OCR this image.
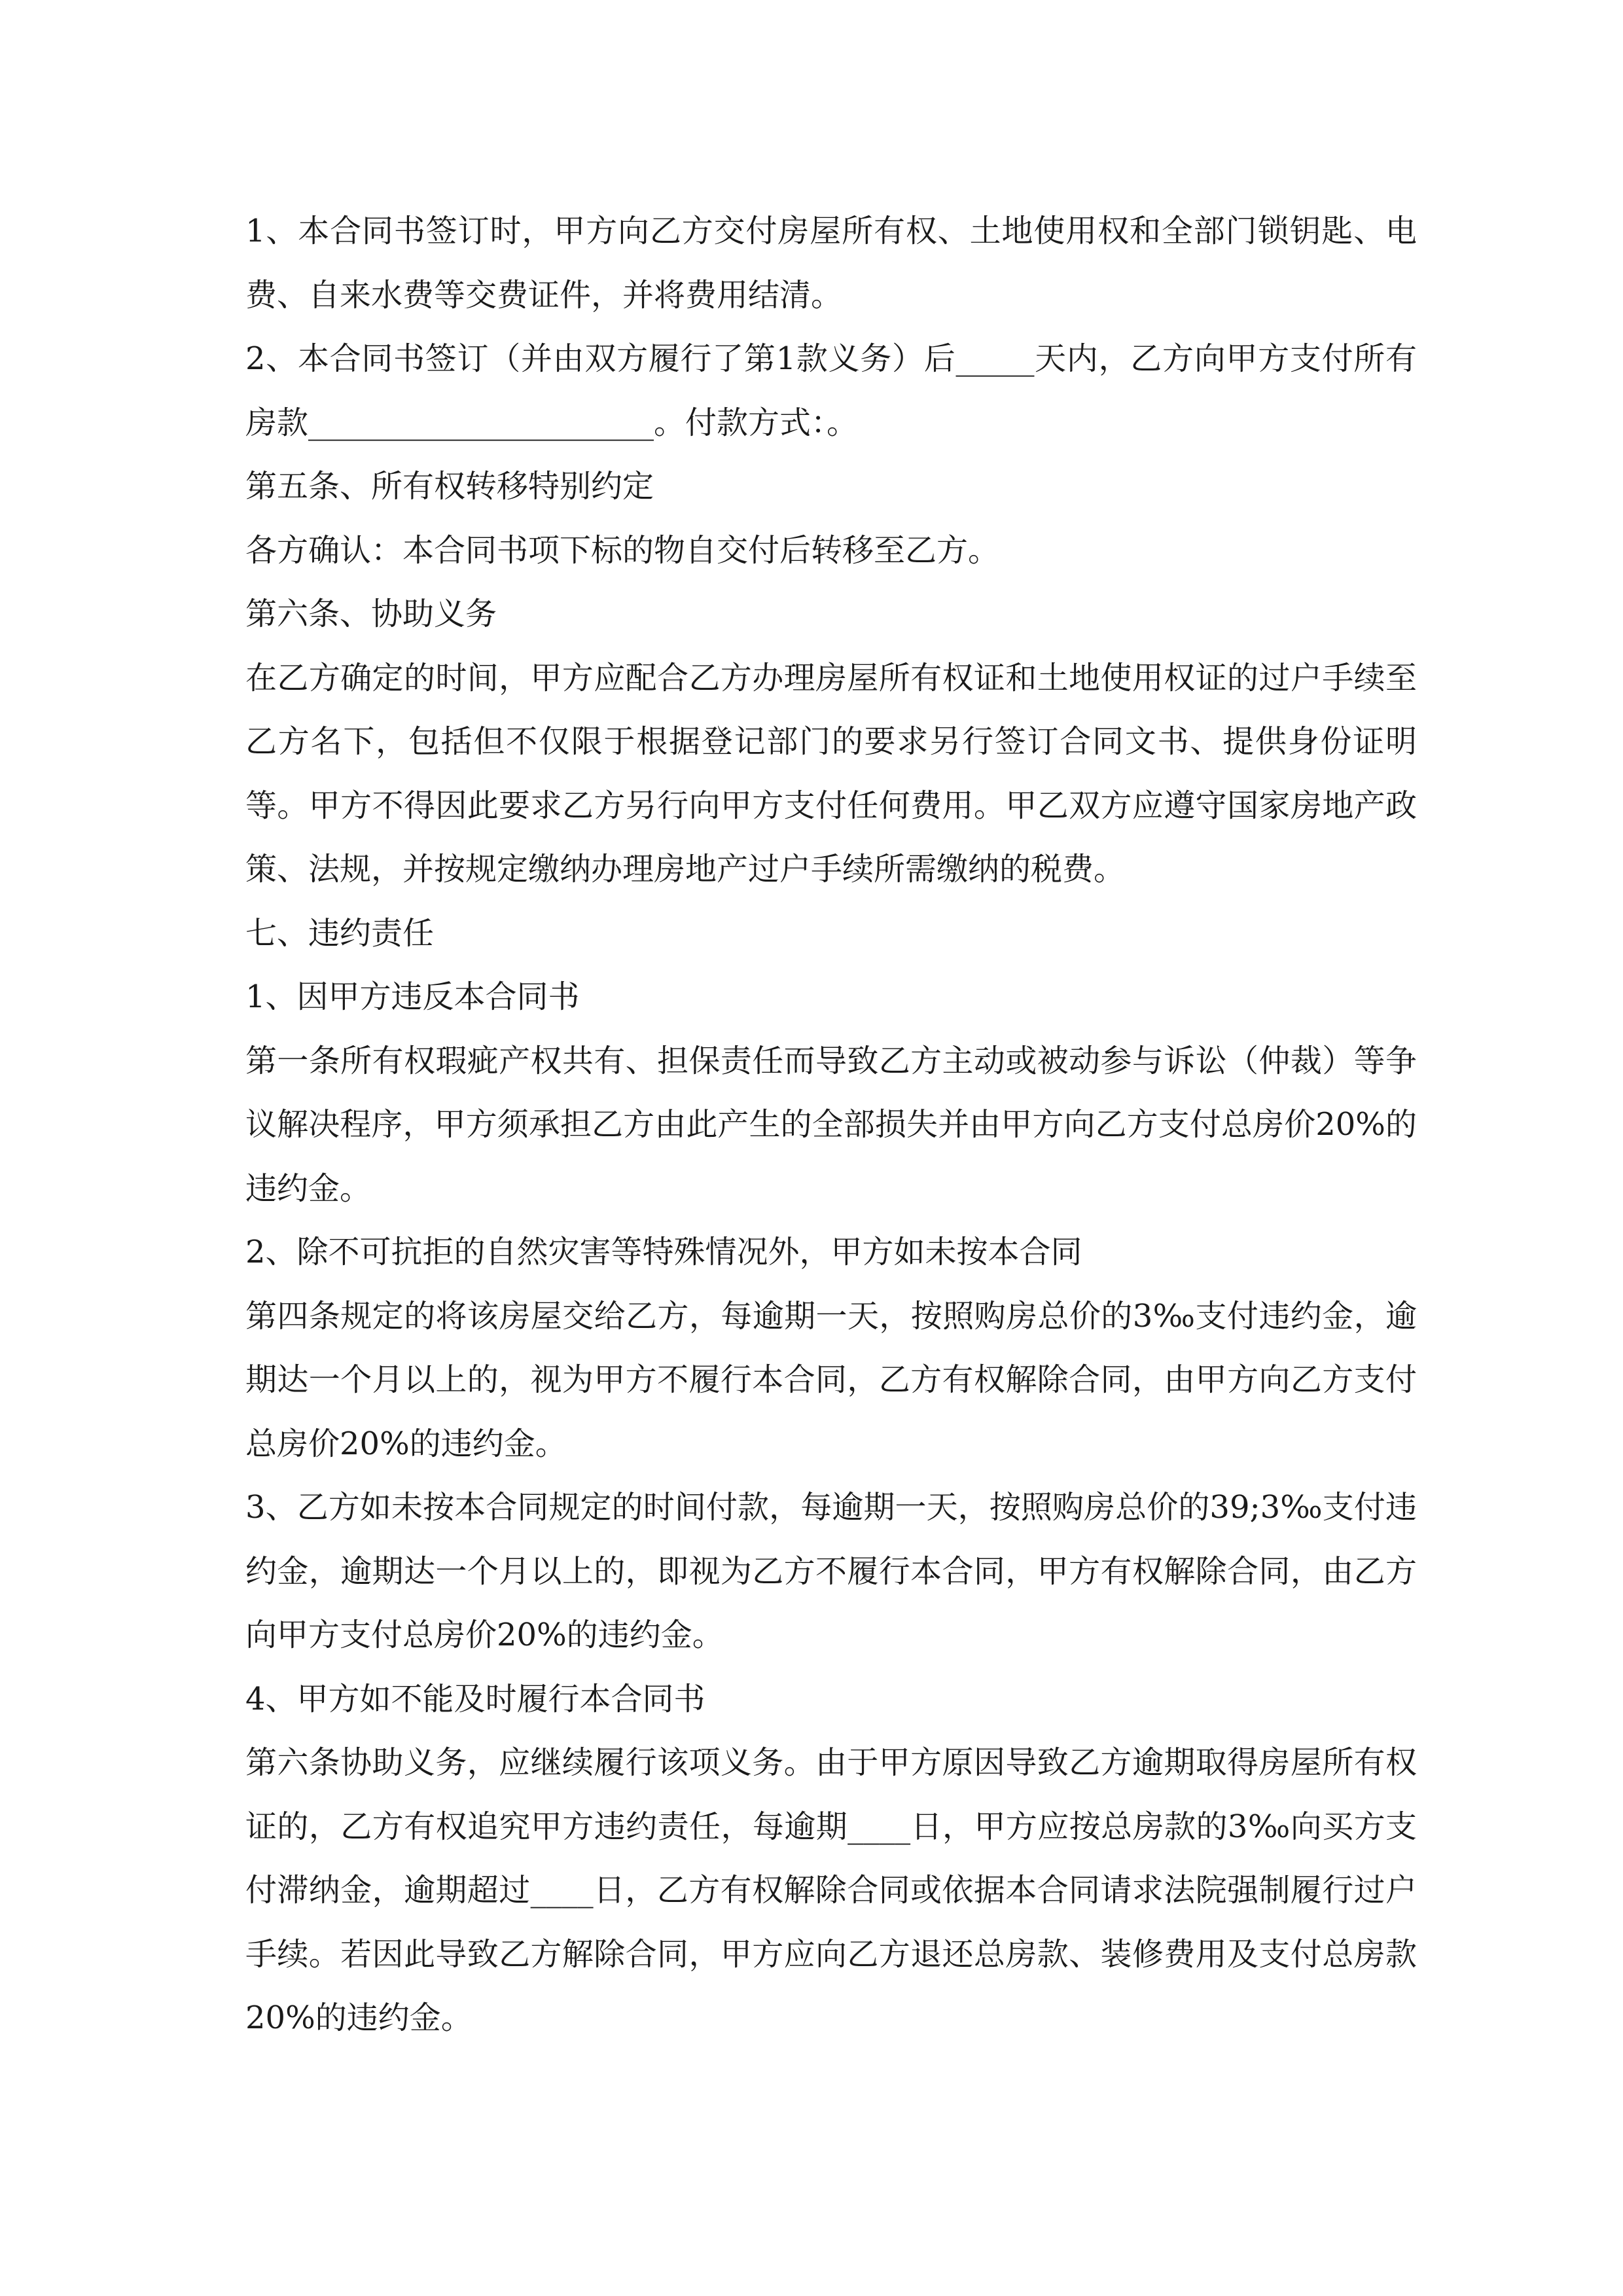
1、本合同书签订时，甲方向乙方交付房屋所有权、土地使用权和全部门锁钥匙、电费、自来水费等交费证件，并将费用结清。

2、本合同书签订（并由双方履行了第1款义务）后_____天内，乙方向甲方支付所有房款______________________。付款方式：。

第五条、所有权转移特别约定

各方确认：本合同书项下标的物自交付后转移至乙方。

第六条、协助义务

在乙方确定的时间，甲方应配合乙方办理房屋所有权证和土地使用权证的过户手续至乙方名下，包括但不仅限于根据登记部门的要求另行签订合同文书、提供身份证明等。甲方不得因此要求乙方另行向甲方支付任何费用。甲乙双方应遵守国家房地产政策、法规，并按规定缴纳办理房地产过户手续所需缴纳的税费。

七、违约责任

1、因甲方违反本合同书

第一条所有权瑕疵产权共有、担保责任而导致乙方主动或被动参与诉讼（仲裁）等争议解决程序，甲方须承担乙方由此产生的全部损失并由甲方向乙方支付总房价20%的违约金。

2、除不可抗拒的自然灾害等特殊情况外，甲方如未按本合同

第四条规定的将该房屋交给乙方，每逾期一天，按照购房总价的3‰支付违约金，逾期达一个月以上的，视为甲方不履行本合同，乙方有权解除合同，由甲方向乙方支付总房价20%的违约金。

3、乙方如未按本合同规定的时间付款，每逾期一天，按照购房总价的39;3‰支付违约金，逾期达一个月以上的，即视为乙方不履行本合同，甲方有权解除合同，由乙方向甲方支付总房价20%的违约金。

4、甲方如不能及时履行本合同书

第六条协助义务，应继续履行该项义务。由于甲方原因导致乙方逾期取得房屋所有权证的，乙方有权追究甲方违约责任，每逾期____日，甲方应按总房款的3‰向买方支付滞纳金，逾期超过____日，乙方有权解除合同或依据本合同请求法院强制履行过户手续。若因此导致乙方解除合同，甲方应向乙方退还总房款、装修费用及支付总房款20%的违约金。
